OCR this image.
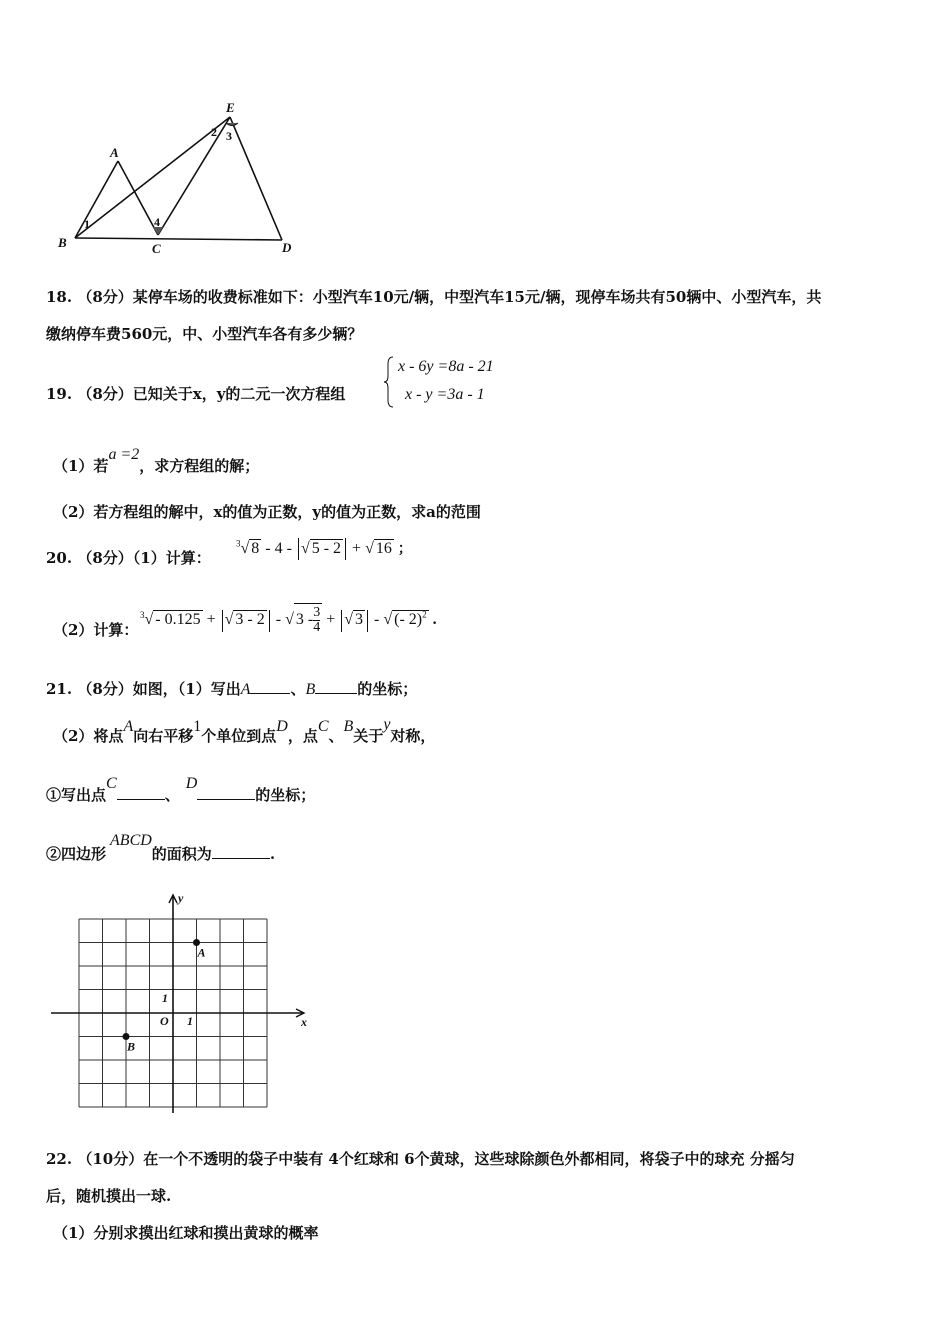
E
A
B	C	D
1
2 3
4
18. （8分）某停车场的收费标准如下：小型汽车10元/辆，中型汽车15元/辆，现停车场共有50辆中、小型汽车，共
缴纳停车费560元，中、小型汽车各有多少辆？
19. （8分）已知关于x，y的二元一次方程组
x - 6y =8a - 21
x - y =3a - 1
（1）若a =2，求方程组的解；
（2）若方程组的解中，x的值为正数，y的值为正数，求a的范围
20. （8分）（1）计算：
$^3$√ 8 - 4 - √ 5 - 2 + √ 16 ；
（2）计算：
$^3$√ - 0.125 + √ 3 - 2 - √ $3 - \frac{3}{4}$ + √ 3 - √ (- 2)$^2$ .
21. （8分）如图，（1）写出A	、B	的坐标；
（2）将点A向右平移1个单位到点D，点C、B关于y对称，
①写出点C、D的坐标；
②四边形ABCD的面积为	.
x
y
O 1
1
A
B
22. （10分）在一个不透明的袋子中装有 4个红球和 6个黄球，这些球除颜色外都相同，将袋子中的球充 分摇匀
后，随机摸出一球.
（1）分别求摸出红球和摸出黄球的概率
